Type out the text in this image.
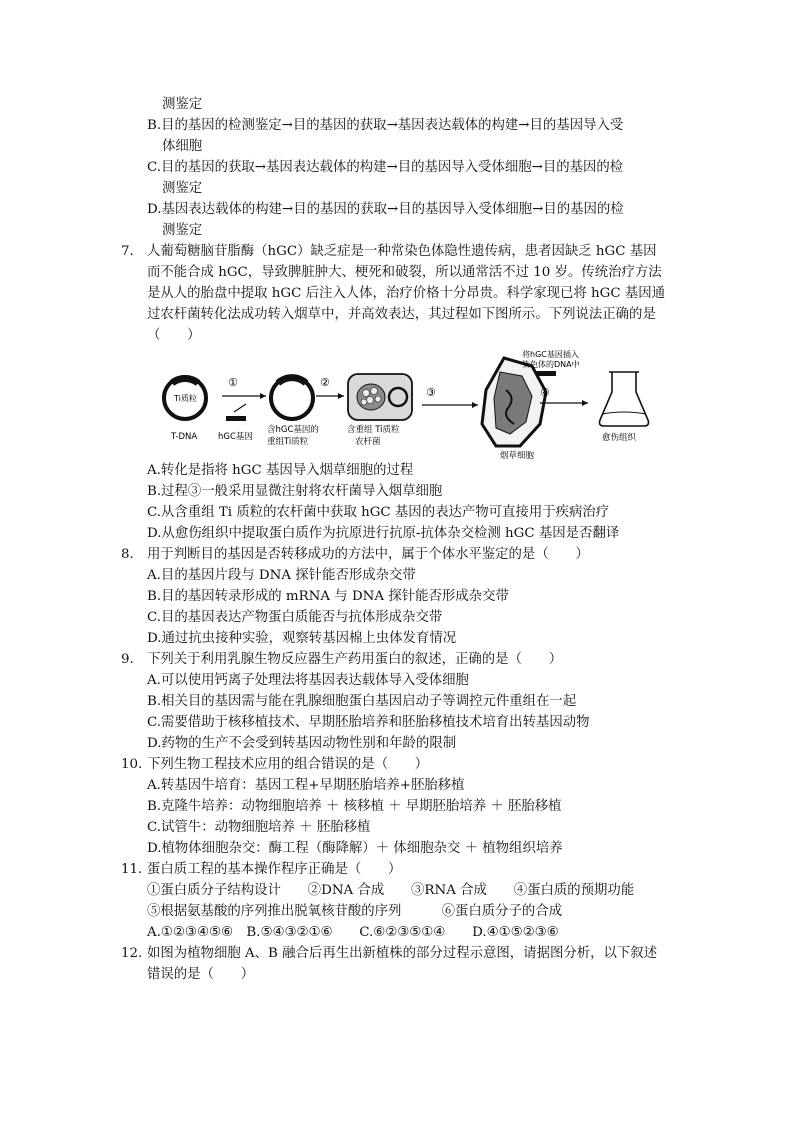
测鉴定
B.目的基因的检测鉴定→目的基因的获取→基因表达载体的构建→目的基因导入受
体细胞
C.目的基因的获取→基因表达载体的构建→目的基因导入受体细胞→目的基因的检
测鉴定
D.基因表达载体的构建→目的基因的获取→目的基因导入受体细胞→目的基因的检
测鉴定
7． 人葡萄糖脑苷脂酶（hGC）缺乏症是一种常染色体隐性遗传病，患者因缺乏 hGC 基因
而不能合成 hGC，导致脾脏肿大、梗死和破裂，所以通常活不过 10 岁。传统治疗方法
是从人的胎盘中提取 hGC 后注入人体，治疗价格十分昂贵。科学家现已将 hGC 基因通
过农杆菌转化法成功转入烟草中，并高效表达，其过程如下图所示。下列说法正确的是
（　　）
Ti质粒
T-DNA
①
hGC基因
含hGC基因的
重组Ti质粒
②
含重组 Ti质粒
农杆菌
③
烟草细胞
将hGC基因插入
染色体的DNA中
④
愈伤组织
A.转化是指将 hGC 基因导入烟草细胞的过程
B.过程③一般采用显微注射将农杆菌导入烟草细胞
C.从含重组 Ti 质粒的农杆菌中获取 hGC 基因的表达产物可直接用于疾病治疗
D.从愈伤组织中提取蛋白质作为抗原进行抗原-抗体杂交检测 hGC 基因是否翻译
8． 用于判断目的基因是否转移成功的方法中，属于个体水平鉴定的是（　　）
A.目的基因片段与 DNA 探针能否形成杂交带
B.目的基因转录形成的 mRNA 与 DNA 探针能否形成杂交带
C.目的基因表达产物蛋白质能否与抗体形成杂交带
D.通过抗虫接种实验，观察转基因棉上虫体发育情况
9． 下列关于利用乳腺生物反应器生产药用蛋白的叙述，正确的是（　　）
A.可以使用钙离子处理法将基因表达载体导入受体细胞
B.相关目的基因需与能在乳腺细胞蛋白基因启动子等调控元件重组在一起
C.需要借助于核移植技术、早期胚胎培养和胚胎移植技术培育出转基因动物
D.药物的生产不会受到转基因动物性别和年龄的限制
10．
下列生物工程技术应用的组合错误的是（　　）
A.转基因牛培育：基因工程+早期胚胎培养+胚胎移植
B.克隆牛培养：动物细胞培养 ＋ 核移植 ＋ 早期胚胎培养 ＋ 胚胎移植
C.试管牛：动物细胞培养 ＋ 胚胎移植
D.植物体细胞杂交：酶工程（酶降解）＋ 体细胞杂交 ＋ 植物组织培养
11．
蛋白质工程的基本操作程序正确是（　　）
①蛋白质分子结构设计　　②DNA 合成　　③RNA 合成　　④蛋白质的预期功能
⑤根据氨基酸的序列推出脱氧核苷酸的序列　　　⑥蛋白质分子的合成
A.①②③④⑤⑥　B.⑤④③②①⑥　　C.⑥②③⑤①④　　D.④①⑤②③⑥
12．
如图为植物细胞 A、B 融合后再生出新植株的部分过程示意图，请据图分析，以下叙述
错误的是（　　）
